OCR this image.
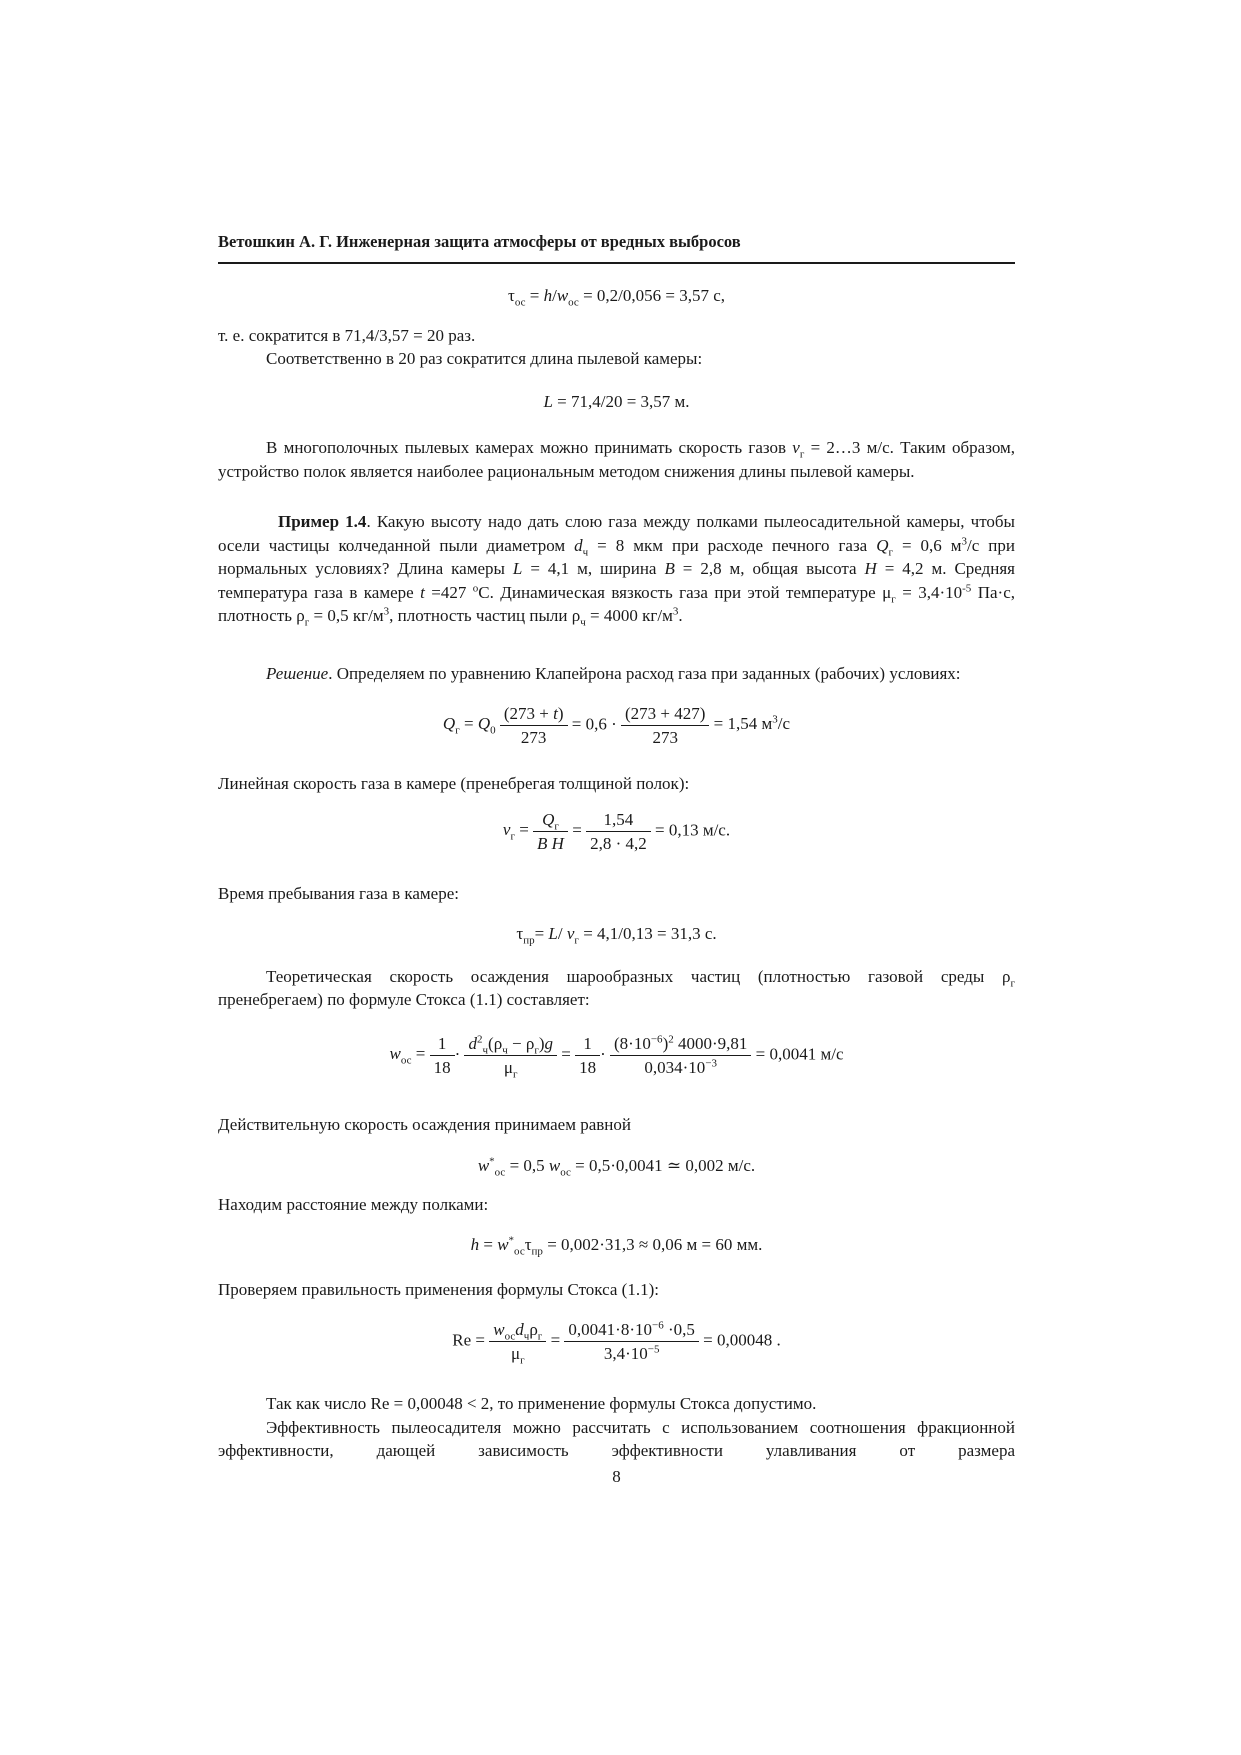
Ветошкин А. Г. Инженерная защита атмосферы от вредных выбросов
$\tau_{ос} = h/w_{ос} = 0,2/0,056 = 3,57$ с,
т. е. сократится в 71,4/3,57 = 20 раз.
Соответственно в 20 раз сократится длина пылевой камеры:
L = 71,4/20 = 3,57 м.
В многополочных пылевых камерах можно принимать скорость газов $v_г$ = 2…3 м/с. Таким образом, устройство полок является наиболее рациональным методом снижения длины пылевой камеры.
Пример 1.4. Какую высоту надо дать слою газа между полками пылеосадительной камеры, чтобы осели частицы колчеданной пыли диаметром $d_ч = 8$ мкм при расходе печного газа $Q_г = 0,6$ $м^3/с$ при нормальных условиях? Длина камеры L = 4,1 м, ширина B = 2,8 м, общая высота H = 4,2 м. Средняя температура газа в камере t =427 $^о$С. Динамическая вязкость газа при этой температуре $\mu_г = 3,4\cdot 10^{-5}$ Па·с, плотность $\rho_г = 0,5$ $кг/м^3$, плотность частиц пыли $\rho_ч = 4000$ $кг/м^3$.
Решение. Определяем по уравнению Клапейрона расход газа при заданных (рабочих) условиях:
$Q_г = Q_0 \frac{(273 + t)}{273} = 0,6 \cdot \frac{(273 + 427)}{273} = 1,54$ $м^3/с$
Линейная скорость газа в камере (пренебрегая толщиной полок):
$v_г = \frac{Q_г}{\text{B H}} = \frac{1,54}{2,8 \cdot 4,2} = 0,13$ м/с.
Время пребывания газа в камере:
$\tau_{пр}= L/$ $v_г = 4,1/0,13 = 31,3$ с.
Теоретическая скорость осаждения шарообразных частиц (плотностью газовой среды $\rho_г$ пренебрегаем) по формуле Стокса (1.1) составляет:
$w_{ос} = \frac{1}{18} \cdot \frac{d^2_ч(\rho_ч - \rho_г)g}{\mu_г} = \frac{1}{18} \cdot \frac{(8\cdot 10^{-6})^2 4000\cdot 9,81}{0,034\cdot 10^{-3}} = 0,0041$ м/с
Действительную скорость осаждения принимаем равной
$w^*_{ос} = 0,5$ $w_{ос} = 0,5\cdot 0,0041$ ≃ 0,002 м/с.
Находим расстояние между полками:
$h = w^*_{ос}\tau_{пр} = 0,002\cdot 31,3 \approx 0,06$ м = 60 мм.
Проверяем правильность применения формулы Стокса (1.1):
$Re = \frac{w_{ос}d_ч\rho_г}{\mu_г} = \frac{0,0041\cdot 8\cdot 10^{-6} \cdot 0,5}{3,4\cdot 10^{-5}} = 0,00048$ .
Так как число Re = 0,00048 < 2, то применение формулы Стокса допустимо.
Эффективность пылеосадителя можно рассчитать с использованием соотношения фракционной эффективности, дающей зависимость эффективности улавливания от размера
8
